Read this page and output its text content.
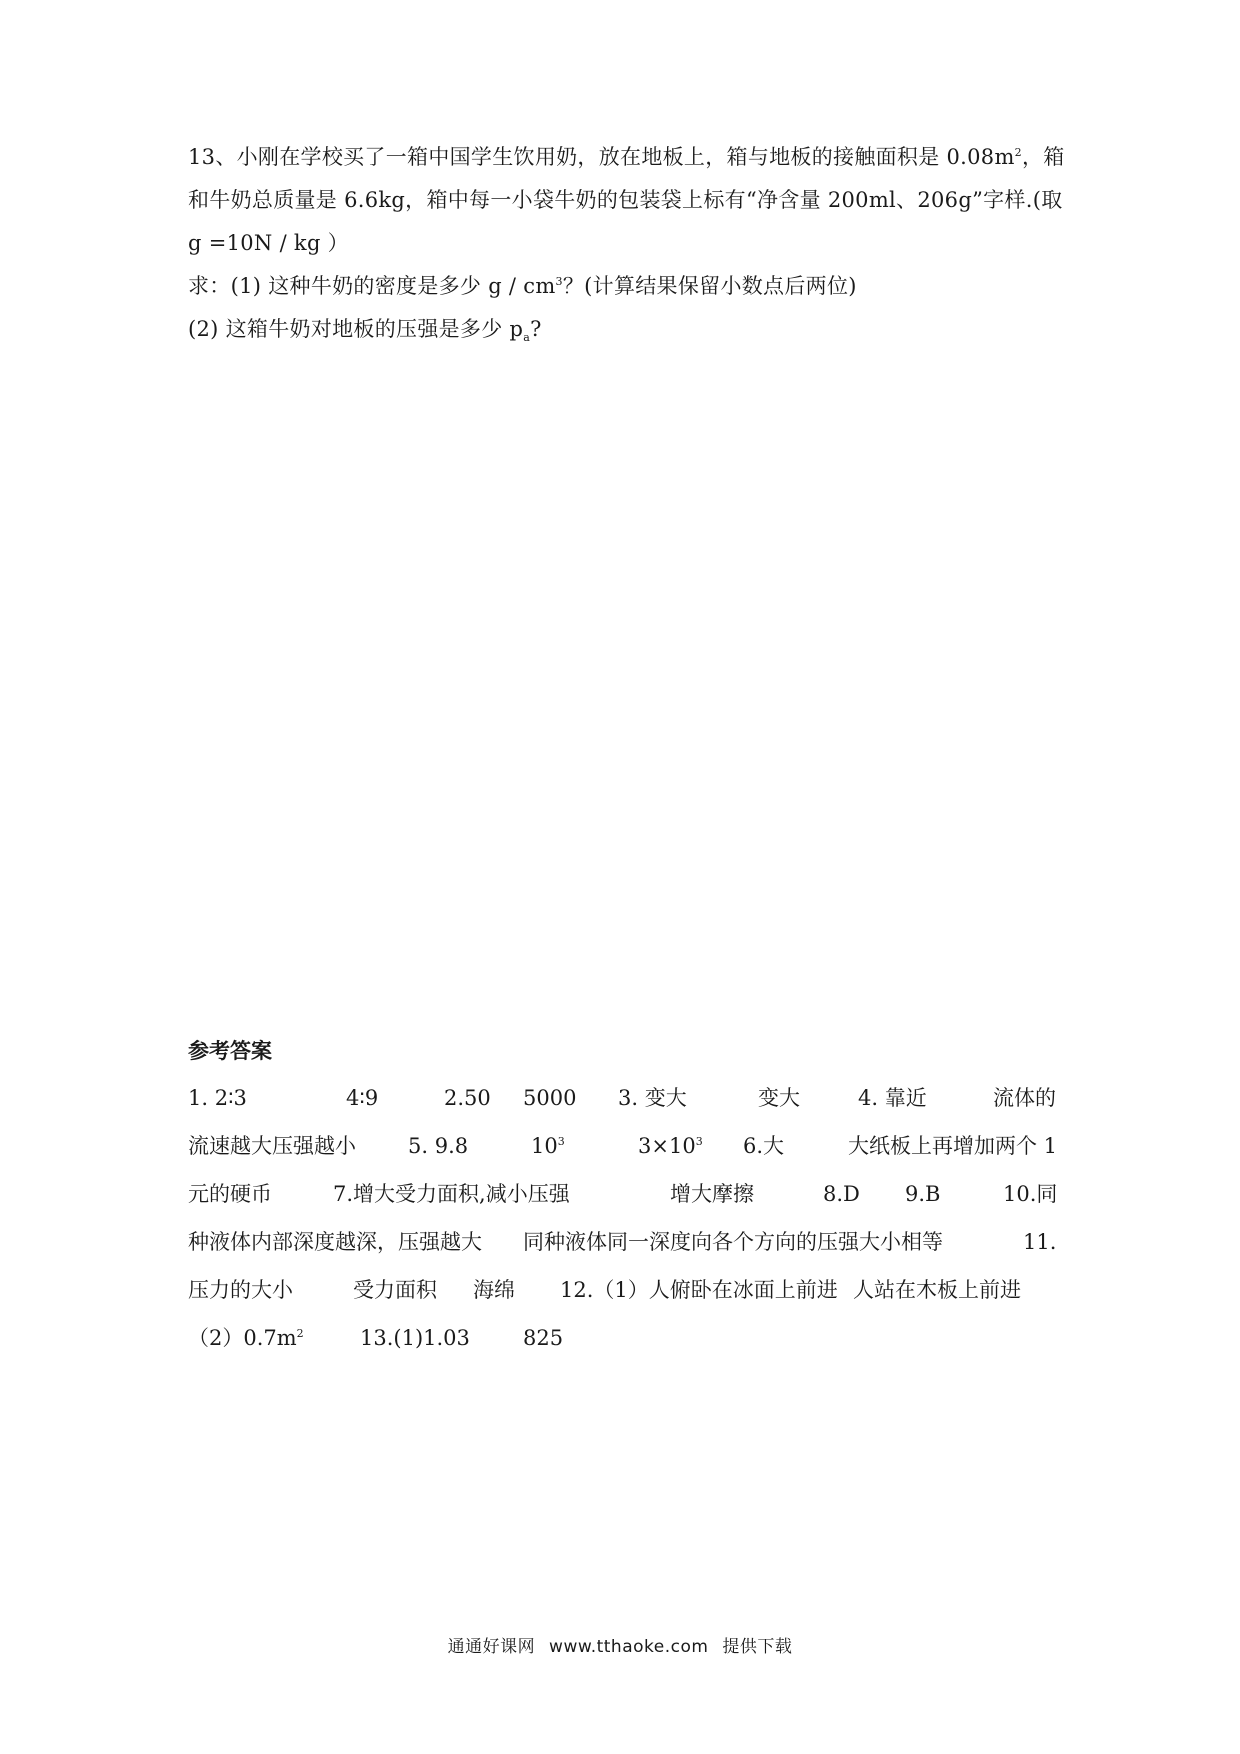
13、小刚在学校买了一箱中国学生饮用奶，放在地板上，箱与地板的接触面积是 $0.08m^2$，箱
和牛奶总质量是 6.6kg，箱中每一小袋牛奶的包装袋上标有“净含量 200ml、206g”字样.(取
g =10N / kg ）
求：(1) 这种牛奶的密度是多少 g / $cm^3$？(计算结果保留小数点后两位)
(2) 这箱牛奶对地板的压强是多少 $p_a$?
参考答案
1. 2∶3	4∶9	2.50 5000 3. 变大	变大	4. 靠近	流体的
流速越大压强越小 5. 9.8	$10^3$	$3\times 10^3$ 6.大	大纸板上再增加两个 1
元的硬币	7.增大受力面积,减小压强	增大摩擦	8.D 9.B	10.同
种液体内部深度越深，压强越大 同种液体同一深度向各个方向的压强大小相等	11.
压力的大小	受力面积 海绵 12.（1）人俯卧在冰面上前进 人站在木板上前进
$(2)0.7m^2$	13.(1)1.03	825
通通好课网 www.tthaoke.com 提供下载
